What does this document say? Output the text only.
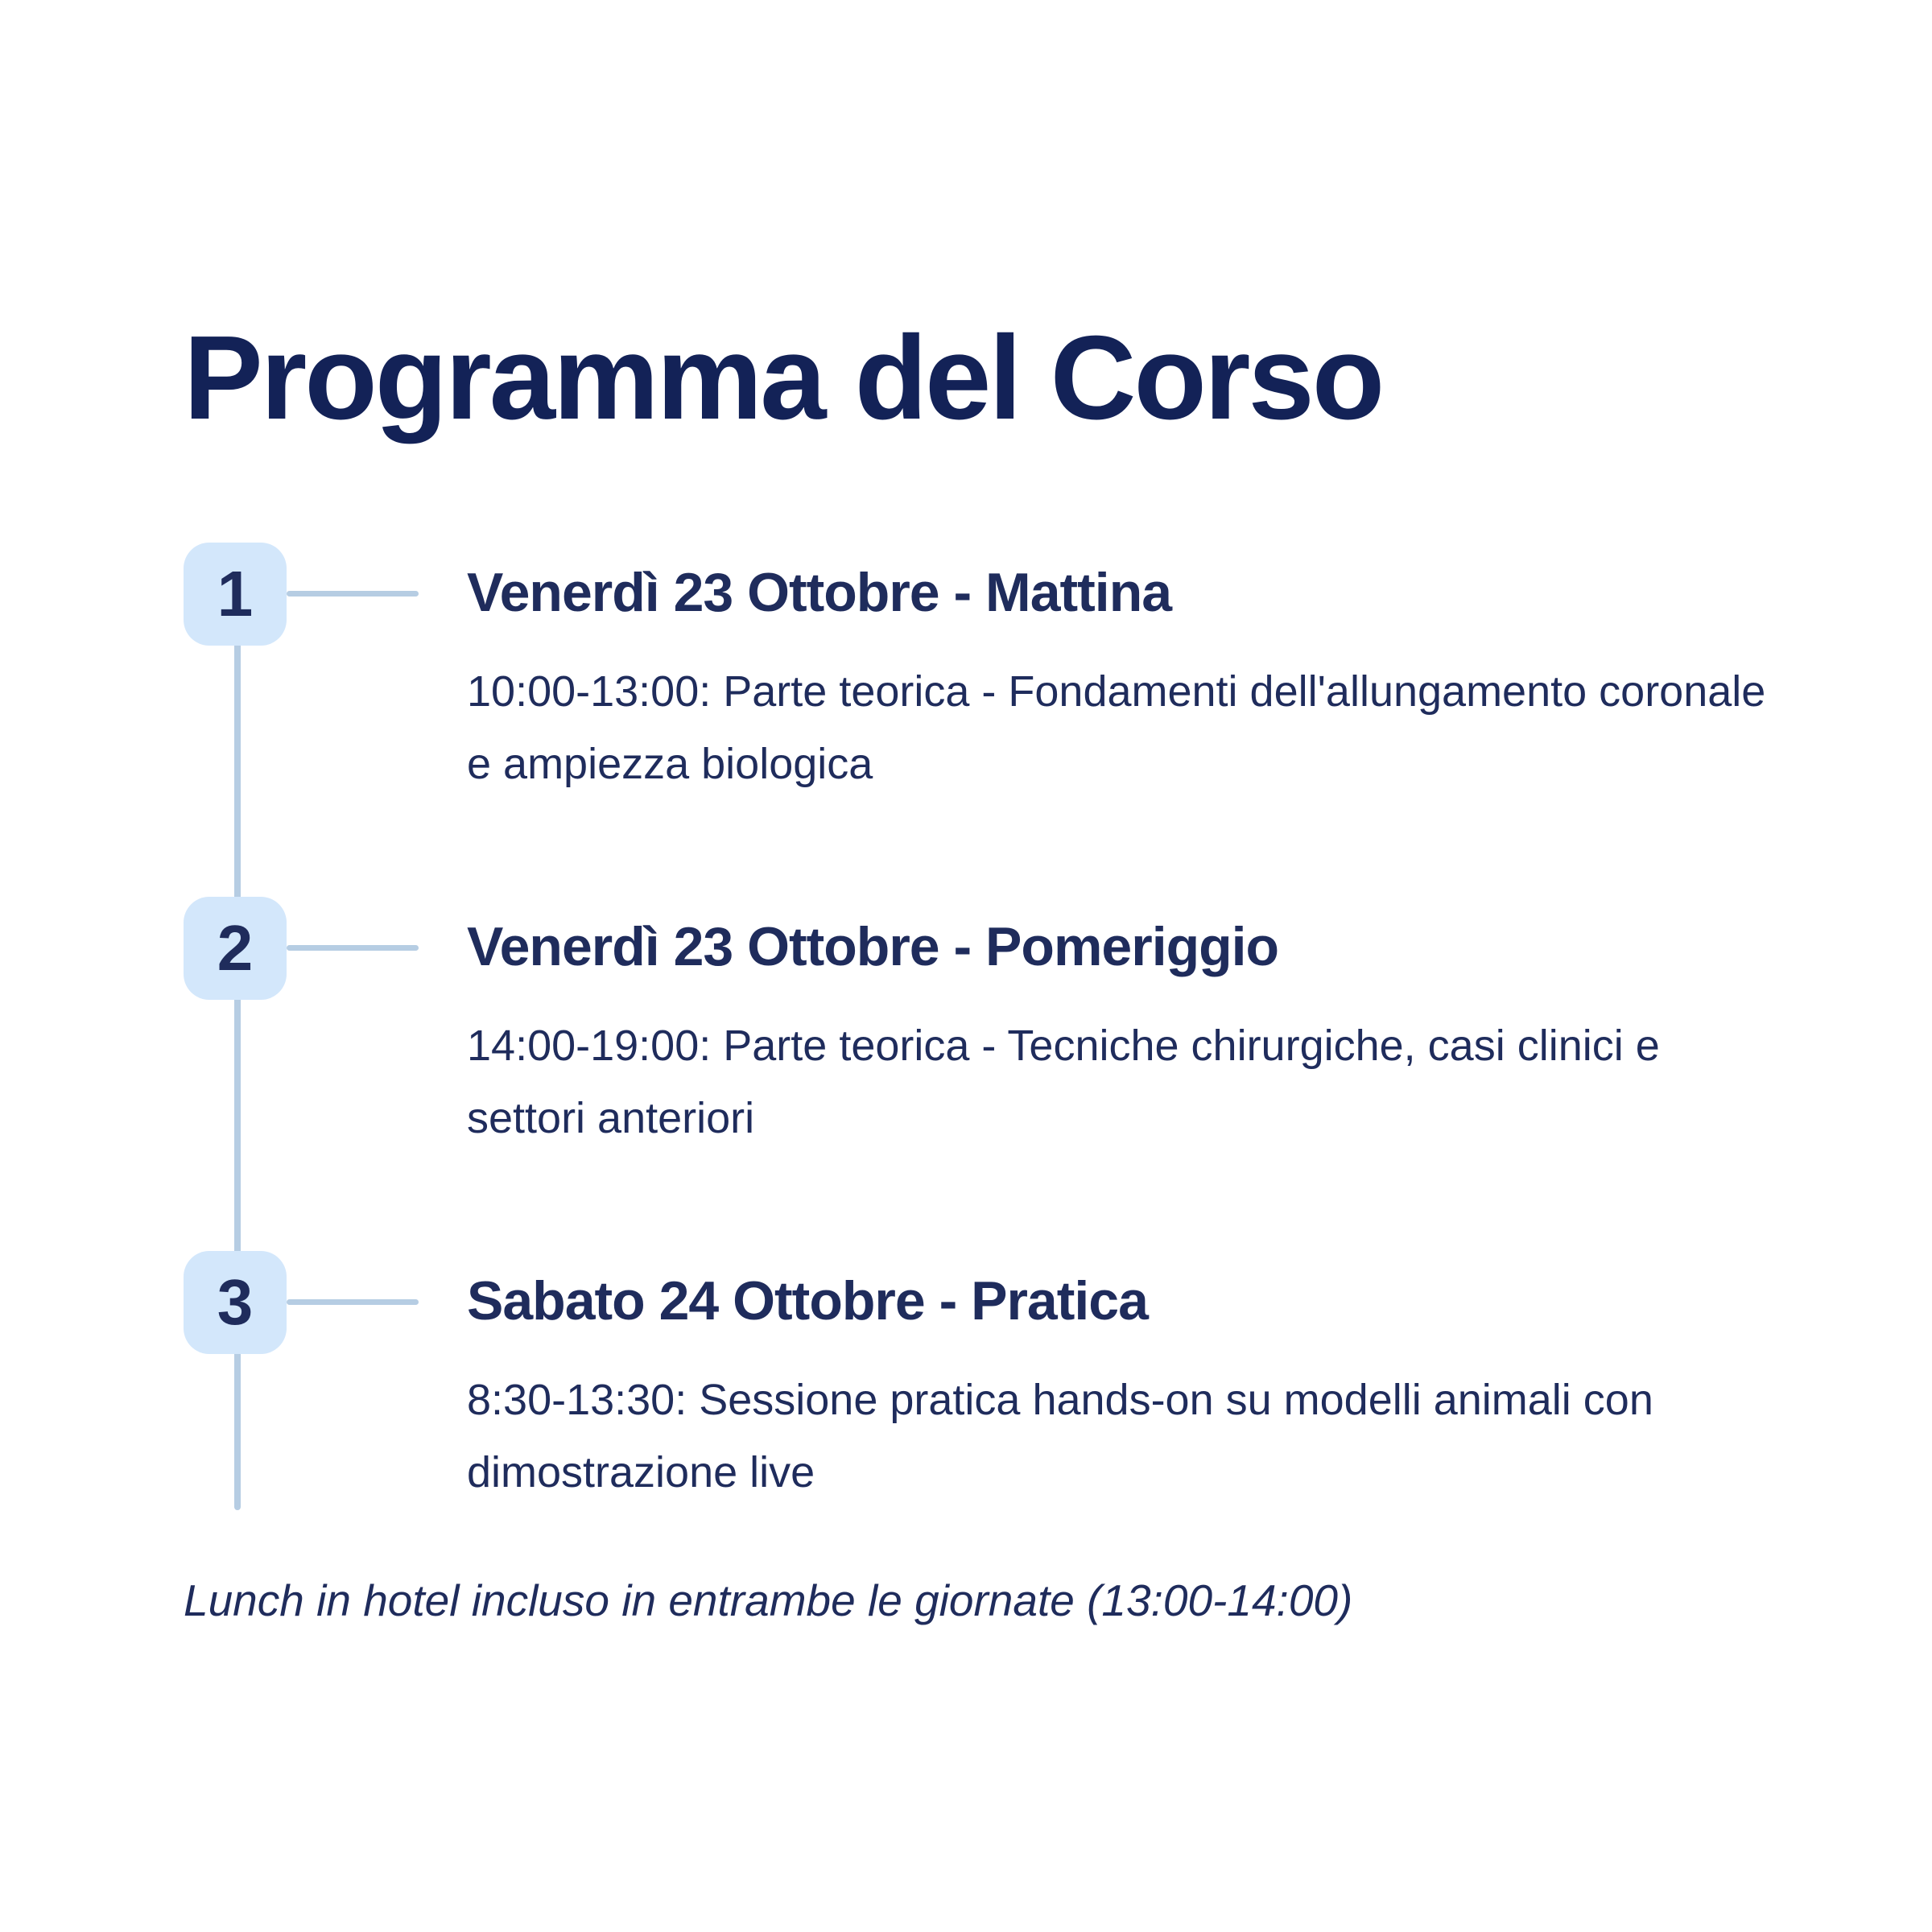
Programma del Corso
1	Venerdì 23 Ottobre - Mattina

10:00-13:00: Parte teorica - Fondamenti dell'allungamento coronale e ampiezza biologica

2	Venerdì 23 Ottobre - Pomeriggio

14:00-19:00: Parte teorica - Tecniche chirurgiche, casi clinici e settori anteriori

3	Sabato 24 Ottobre - Pratica

8:30-13:30: Sessione pratica hands-on su modelli animali con dimostrazione live

Lunch in hotel incluso in entrambe le giornate (13:00-14:00)
